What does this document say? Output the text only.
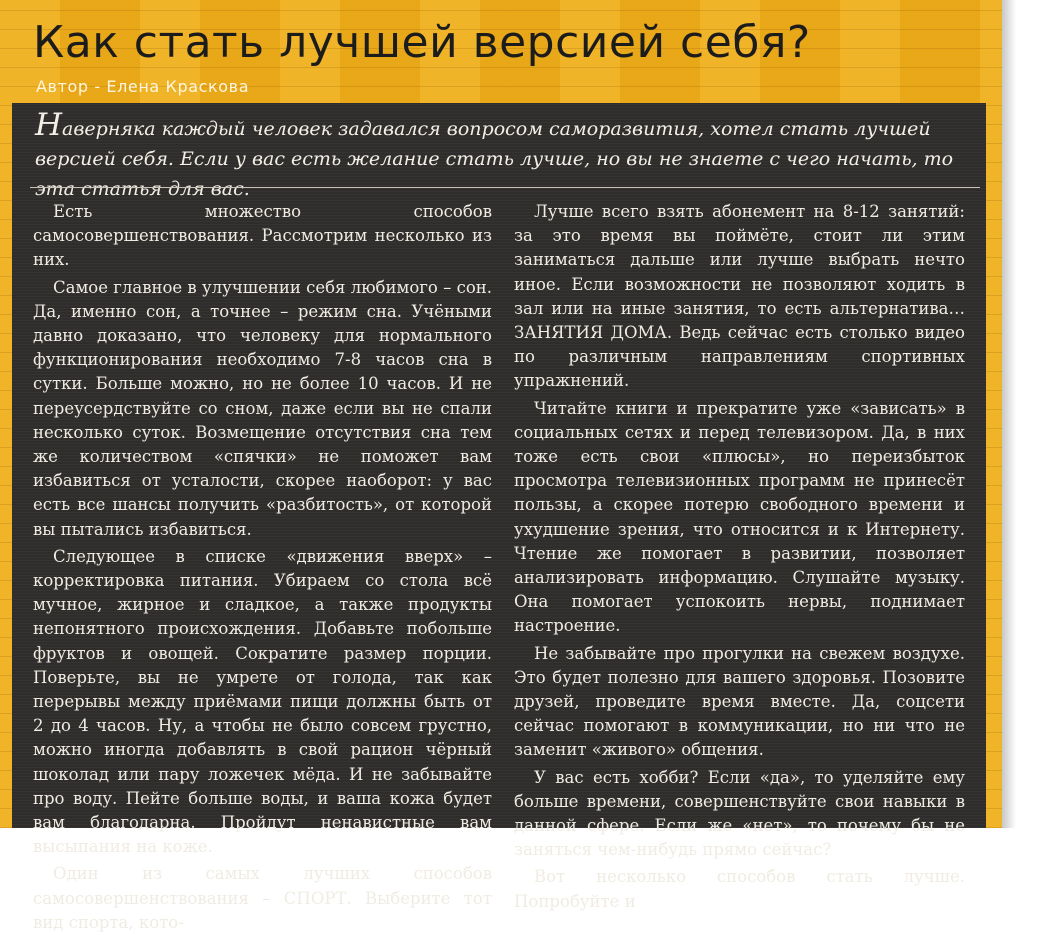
Как стать лучшей версией себя?
Автор - Елена Краскова

Наверняка каждый человек задавался вопросом саморазвития, хотел стать лучшей версией себя. Если у вас есть желание стать лучше, но вы не знаете с чего начать, то эта статья для вас.

Есть множество способов самосовершенствования. Рассмотрим несколько из них.

Самое главное в улучшении себя любимого – сон. Да, именно сон, а точнее – режим сна. Учёными давно доказано, что человеку для нормального функционирования необходимо 7-8 часов сна в сутки. Больше можно, но не более 10 часов. И не переусердствуйте со сном, даже если вы не спали несколько суток. Возмещение отсутствия сна тем же количеством «спячки» не поможет вам избавиться от усталости, скорее наоборот: у вас есть все шансы получить «разбитость», от которой вы пытались избавиться.

Следующее в списке «движения вверх» – корректировка питания. Убираем со стола всё мучное, жирное и сладкое, а также продукты непонятного происхождения. Добавьте побольше фруктов и овощей. Сократите размер порции. Поверьте, вы не умрете от голода, так как перерывы между приёмами пищи должны быть от 2 до 4 часов. Ну, а чтобы не было совсем грустно, можно иногда добавлять в свой рацион чёрный шоколад или пару ложечек мёда. И не забывайте про воду. Пейте больше воды, и ваша кожа будет вам благодарна. Пройдут ненавистные вам высыпания на коже.

Один из самых лучших способов самосовершенствования – СПОРТ. Выберите тот вид спорта, кото-

Лучше всего взять абонемент на 8-12 занятий: за это время вы поймёте, стоит ли этим заниматься дальше или лучше выбрать нечто иное. Если возможности не позволяют ходить в зал или на иные занятия, то есть альтернатива… ЗАНЯТИЯ ДОМА. Ведь сейчас есть столько видео по различным направлениям спортивных упражнений.

Читайте книги и прекратите уже «зависать» в социальных сетях и перед телевизором. Да, в них тоже есть свои «плюсы», но переизбыток просмотра телевизионных программ не принесёт пользы, а скорее потерю свободного времени и ухудшение зрения, что относится и к Интернету. Чтение же помогает в развитии, позволяет анализировать информацию. Слушайте музыку. Она помогает успокоить нервы, поднимает настроение.

Не забывайте про прогулки на свежем воздухе. Это будет полезно для вашего здоровья. Позовите друзей, проведите время вместе. Да, соцсети сейчас помогают в коммуникации, но ни что не заменит «живого» общения.

У вас есть хобби? Если «да», то уделяйте ему больше времени, совершенствуйте свои навыки в данной сфере. Если же «нет», то почему бы не заняться чем-нибудь прямо сейчас?

Вот несколько способов стать лучше. Попробуйте и
